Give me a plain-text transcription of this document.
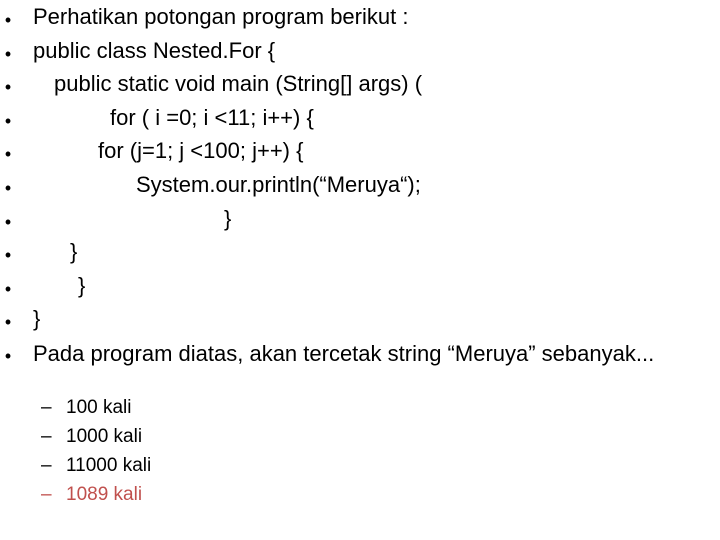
•

Perhatikan potongan program berikut :

•

public class Nested.For {

•

public static void main (String[] args) (

•

	for ( i =0; i <11; i++) {

•

	for (j=1; j <100; j++) {

•

	System.our.println(“Meruya“);

•

	}

•

	}

•

	}

•

}

• Pada program diatas, akan tercetak string “Meruya” sebanyak...
– 100 kali
– 1000 kali
– 11000 kali
– 1089 kali
